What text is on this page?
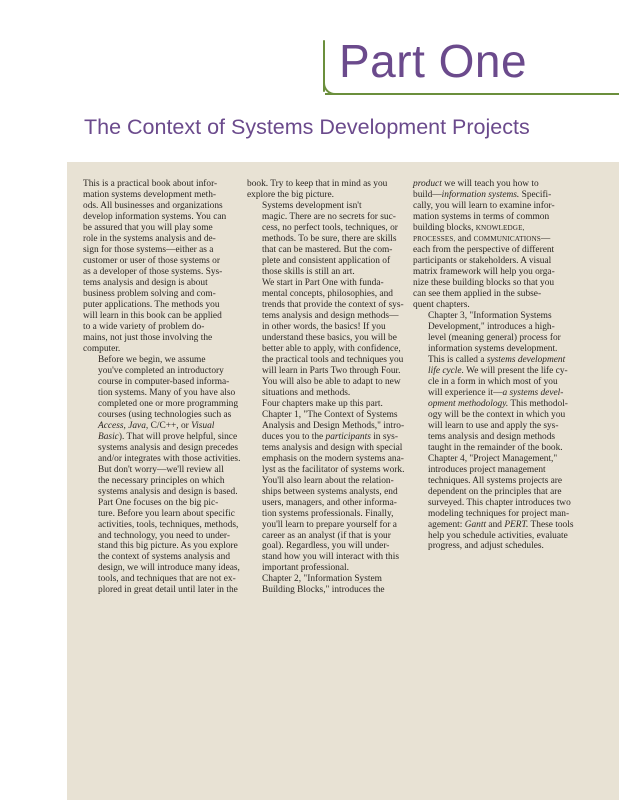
Part One
The Context of Systems Development Projects

This is a practical book about infor-
mation systems development meth-
ods. All businesses and organizations
develop information systems. You can
be assured that you will play some
role in the systems analysis and de-
sign for those systems—either as a
customer or user of those systems or
as a developer of those systems. Sys-
tems analysis and design is about
business problem solving and com-
puter applications. The methods you
will learn in this book can be applied
to a wide variety of problem do-
mains, not just those involving the
computer.

Before we begin, we assume
you've completed an introductory
course in computer-based informa-
tion systems. Many of you have also
completed one or more programming
courses (using technologies such as
Access, Java, C/C++, or Visual
Basic). That will prove helpful, since
systems analysis and design precedes
and/or integrates with those activities.
But don't worry—we'll review all
the necessary principles on which
systems analysis and design is based.

Part One focuses on the big pic-
ture. Before you learn about specific
activities, tools, techniques, methods,
and technology, you need to under-
stand this big picture. As you explore
the context of systems analysis and
design, we will introduce many ideas,
tools, and techniques that are not ex-
plored in great detail until later in the

book. Try to keep that in mind as you
explore the big picture.

Systems development isn't
magic. There are no secrets for suc-
cess, no perfect tools, techniques, or
methods. To be sure, there are skills
that can be mastered. But the com-
plete and consistent application of
those skills is still an art.

We start in Part One with funda-
mental concepts, philosophies, and
trends that provide the context of sys-
tems analysis and design methods—
in other words, the basics! If you
understand these basics, you will be
better able to apply, with confidence,
the practical tools and techniques you
will learn in Parts Two through Four.
You will also be able to adapt to new
situations and methods.

Four chapters make up this part.
Chapter 1, "The Context of Systems
Analysis and Design Methods," intro-
duces you to the participants in sys-
tems analysis and design with special
emphasis on the modern systems ana-
lyst as the facilitator of systems work.
You'll also learn about the relation-
ships between systems analysts, end
users, managers, and other informa-
tion systems professionals. Finally,
you'll learn to prepare yourself for a
career as an analyst (if that is your
goal). Regardless, you will under-
stand how you will interact with this
important professional.

Chapter 2, "Information System
Building Blocks," introduces the

product we will teach you how to
build—information systems. Specifi-
cally, you will learn to examine infor-
mation systems in terms of common
building blocks, KNOWLEDGE,
PROCESSES, and COMMUNICATIONS—
each from the perspective of different
participants or stakeholders. A visual
matrix framework will help you orga-
nize these building blocks so that you
can see them applied in the subse-
quent chapters.

Chapter 3, "Information Systems
Development," introduces a high-
level (meaning general) process for
information systems development.
This is called a systems development
life cycle. We will present the life cy-
cle in a form in which most of you
will experience it—a systems devel-
opment methodology. This methodol-
ogy will be the context in which you
will learn to use and apply the sys-
tems analysis and design methods
taught in the remainder of the book.

Chapter 4, "Project Management,"
introduces project management
techniques. All systems projects are
dependent on the principles that are
surveyed. This chapter introduces two
modeling techniques for project man-
agement: Gantt and PERT. These tools
help you schedule activities, evaluate
progress, and adjust schedules.
